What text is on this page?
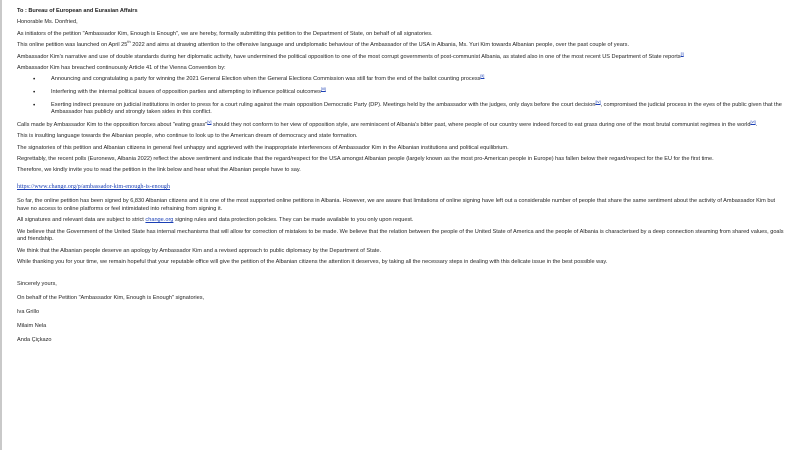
To : Bureau of European and Eurasian Affairs

Honorable Ms. Donfried,

As initiators of the petition "Ambassador Kim, Enough is Enough", we are hereby, formally submitting this petition to the Department of State, on behalf of all signatories.

This online petition was launched on April 25th 2022 and aims at drawing attention to the offensive language and undiplomatic behaviour of the Ambassador of the USA in Albania, Ms. Yuri Kim towards Albanian people, over the past couple of years.

Ambassador Kim's narrative and use of double standards during her diplomatic activity, have undermined the political opposition to one of the most corrupt governments of post-communist Albania, as stated also in one of the most recent US Department of State reports[i]

Ambassador Kim has breached continuously Article 41 of the Vienna Convention by:

• Announcing and congratulating a party for winning the 2021 General Election when the General Elections Commission was still far from the end of the ballot counting process[ii]
• Interfering with the internal political issues of opposition parties and attempting to influence political outcomes[iii]
• Exerting indirect pressure on judicial institutions in order to press for a court ruling against the main opposition Democratic Party (DP). Meetings held by the ambassador with the judges, only days before the court decision[iv], compromised the judicial process in the eyes of the public given that the Ambassador has publicly and strongly taken sides in this conflict.

Calls made by Ambassador Kim to the opposition forces about "eating grass"[v] should they not conform to her view of opposition style, are reminiscent of Albania's bitter past, where people of our country were indeed forced to eat grass during one of the most brutal communist regimes in the world[vi].

This is insulting language towards the Albanian people, who continue to look up to the American dream of democracy and state formation.

The signatories of this petition and Albanian citizens in general feel unhappy and aggrieved with the inappropriate interferences of Ambassador Kim in the Albanian institutions and political equilibrium.

Regrettably, the recent polls (Euronews, Albania 2022) reflect the above sentiment and indicate that the regard/respect for the USA amongst Albanian people (largely known as the most pro-American people in Europe) has fallen below their regard/respect for the EU for the first time.

Therefore, we kindly invite you to read the petition in the link below and hear what the Albanian people have to say.

https://www.change.org/p/ambassador-kim-enough-is-enough

So far, the online petition has been signed by 6,830 Albanian citizens and it is one of the most supported online petitions in Albania. However, we are aware that limitations of online signing have left out a considerable number of people that share the same sentiment about the activity of Ambassador Kim but have no access to online platforms or feel intimidated into refraining from signing it.

All signatures and relevant data are subject to strict change.org signing rules and data protection policies. They can be made available to you only upon request.

We believe that the Government of the United State has internal mechanisms that will allow for correction of mistakes to be made. We believe that the relation between the people of the United State of America and the people of Albania is characterised by a deep connection steaming from shared values, goals and friendship.

We think that the Albanian people deserve an apology by Ambassador Kim and a revised approach to public diplomacy by the Department of State.

While thanking you for your time, we remain hopeful that your reputable office will give the petition of the Albanian citizens the attention it deserves, by taking all the necessary steps in dealing with this delicate issue in the best possible way.

Sincerely yours,

On behalf of the Petition "Ambassador Kim, Enough is Enough" signatories,

Iva Grillo

Milaim Nela

Anda Çiçkazo
